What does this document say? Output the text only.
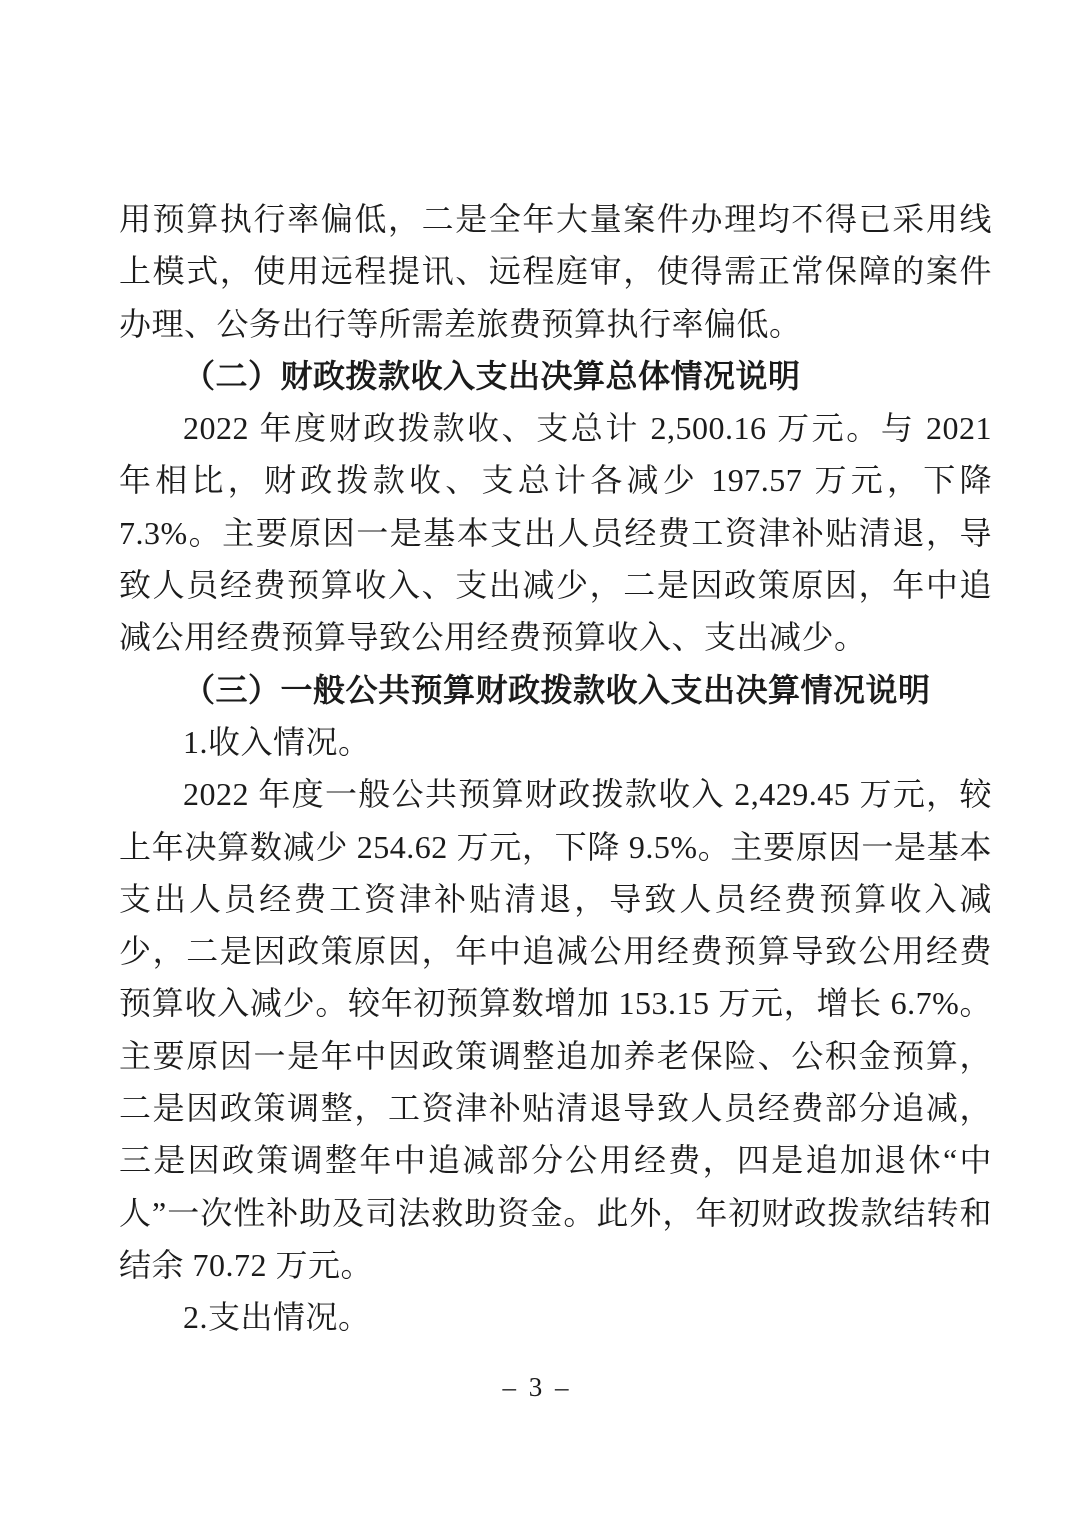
用预算执行率偏低，二是全年大量案件办理均不得已采用线上模式，使用远程提讯、远程庭审，使得需正常保障的案件办理、公务出行等所需差旅费预算执行率偏低。

（二）财政拨款收入支出决算总体情况说明

2022 年度财政拨款收、支总计 2,500.16 万元。与 2021 年相比，财政拨款收、支总计各减少 197.57 万元，下降 7.3%。主要原因一是基本支出人员经费工资津补贴清退，导致人员经费预算收入、支出减少，二是因政策原因，年中追减公用经费预算导致公用经费预算收入、支出减少。

（三）一般公共预算财政拨款收入支出决算情况说明

1.收入情况。

2022 年度一般公共预算财政拨款收入 2,429.45 万元，较上年决算数减少 254.62 万元，下降 9.5%。主要原因一是基本支出人员经费工资津补贴清退，导致人员经费预算收入减少，二是因政策原因，年中追减公用经费预算导致公用经费预算收入减少。较年初预算数增加 153.15 万元，增长 6.7%。主要原因一是年中因政策调整追加养老保险、公积金预算，二是因政策调整，工资津补贴清退导致人员经费部分追减，三是因政策调整年中追减部分公用经费，四是追加退休“中人”一次性补助及司法救助资金。此外，年初财政拨款结转和结余 70.72 万元。

2.支出情况。

– 3 –
